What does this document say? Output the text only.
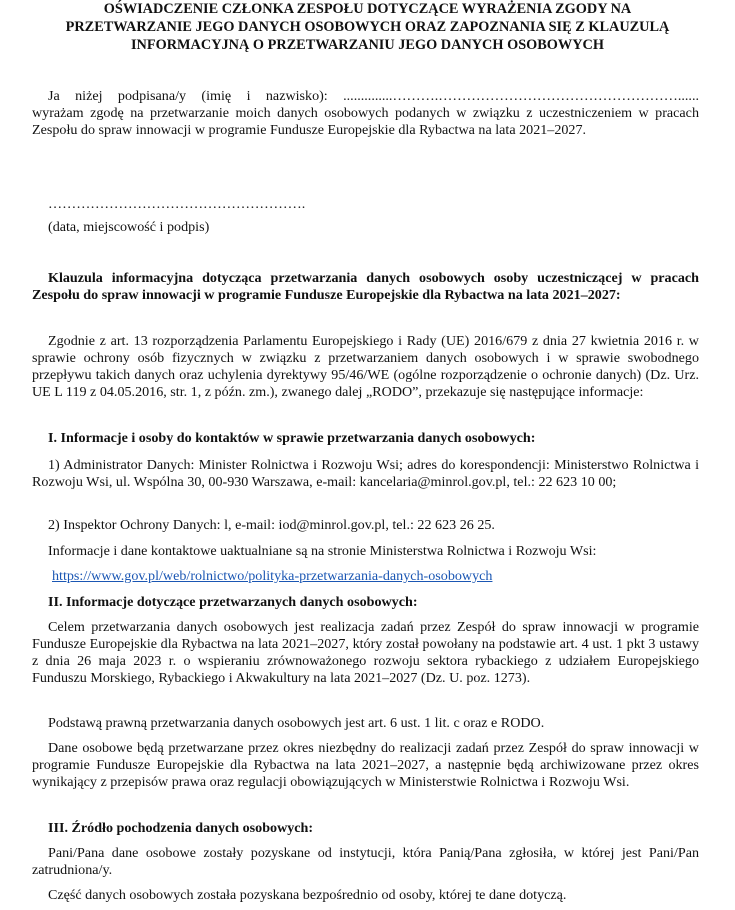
OŚWIADCZENIE CZŁONKA ZESPOŁU DOTYCZĄCE WYRAŻENIA ZGODY NA
PRZETWARZANIE JEGO DANYCH OSOBOWYCH ORAZ ZAPOZNANIA SIĘ Z KLAUZULĄ
INFORMACYJNĄ O PRZETWARZANIU JEGO DANYCH OSOBOWYCH
Ja niżej podpisana/y (imię i nazwisko): ..............……….……………………………………………......
wyrażam zgodę na przetwarzanie moich danych osobowych podanych w związku z uczestniczeniem w pracach Zespołu do spraw innowacji w programie Fundusze Europejskie dla Rybactwa na lata 2021–2027.
……………………………………………….
(data, miejscowość i podpis)
Klauzula informacyjna dotycząca przetwarzania danych osobowych osoby uczestniczącej w pracach Zespołu do spraw innowacji w programie Fundusze Europejskie dla Rybactwa na lata 2021–2027:
Zgodnie z art. 13 rozporządzenia Parlamentu Europejskiego i Rady (UE) 2016/679 z dnia 27 kwietnia 2016 r. w sprawie ochrony osób fizycznych w związku z przetwarzaniem danych osobowych i w sprawie swobodnego przepływu takich danych oraz uchylenia dyrektywy 95/46/WE (ogólne rozporządzenie o ochronie danych) (Dz. Urz. UE L 119 z 04.05.2016, str. 1, z późn. zm.), zwanego dalej „RODO”, przekazuje się następujące informacje:
I. Informacje i osoby do kontaktów w sprawie przetwarzania danych osobowych:
1) Administrator Danych: Minister Rolnictwa i Rozwoju Wsi; adres do korespondencji: Ministerstwo Rolnictwa i Rozwoju Wsi, ul. Wspólna 30, 00-930 Warszawa, e-mail: kancelaria@minrol.gov.pl, tel.: 22 623 10 00;
2) Inspektor Ochrony Danych: l, e-mail: iod@minrol.gov.pl, tel.: 22 623 26 25.
Informacje i dane kontaktowe uaktualniane są na stronie Ministerstwa Rolnictwa i Rozwoju Wsi:
https://www.gov.pl/web/rolnictwo/polityka-przetwarzania-danych-osobowych
II. Informacje dotyczące przetwarzanych danych osobowych:
Celem przetwarzania danych osobowych jest realizacja zadań przez Zespół do spraw innowacji w programie Fundusze Europejskie dla Rybactwa na lata 2021–2027, który został powołany na podstawie art. 4 ust. 1 pkt 3 ustawy z dnia 26 maja 2023 r. o wspieraniu zrównoważonego rozwoju sektora rybackiego z udziałem Europejskiego Funduszu Morskiego, Rybackiego i Akwakultury na lata 2021–2027 (Dz. U. poz. 1273).
Podstawą prawną przetwarzania danych osobowych jest art. 6 ust. 1 lit. c oraz e RODO.
Dane osobowe będą przetwarzane przez okres niezbędny do realizacji zadań przez Zespół do spraw innowacji w programie Fundusze Europejskie dla Rybactwa na lata 2021–2027, a następnie będą archiwizowane przez okres wynikający z przepisów prawa oraz regulacji obowiązujących w Ministerstwie Rolnictwa i Rozwoju Wsi.
III. Źródło pochodzenia danych osobowych:
Pani/Pana dane osobowe zostały pozyskane od instytucji, która Panią/Pana zgłosiła, w której jest Pani/Pan zatrudniona/y.
Część danych osobowych została pozyskana bezpośrednio od osoby, której te dane dotyczą.
